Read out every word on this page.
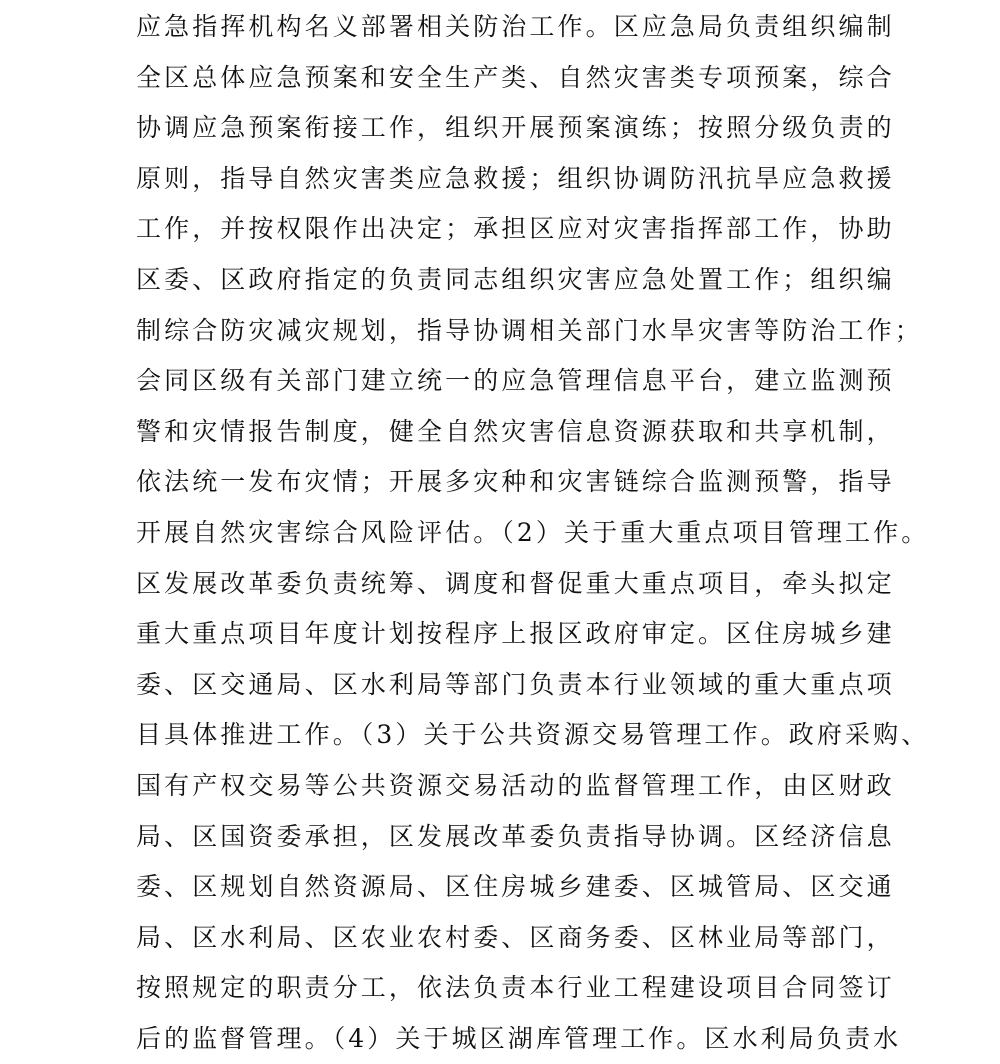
应急指挥机构名义部署相关防治工作。区应急局负责组织编制
全区总体应急预案和安全生产类、自然灾害类专项预案，综合
协调应急预案衔接工作，组织开展预案演练；按照分级负责的
原则，指导自然灾害类应急救援；组织协调防汛抗旱应急救援
工作，并按权限作出决定；承担区应对灾害指挥部工作，协助
区委、区政府指定的负责同志组织灾害应急处置工作；组织编
制综合防灾减灾规划，指导协调相关部门水旱灾害等防治工作；
会同区级有关部门建立统一的应急管理信息平台，建立监测预
警和灾情报告制度，健全自然灾害信息资源获取和共享机制，
依法统一发布灾情；开展多灾种和灾害链综合监测预警，指导
开展自然灾害综合风险评估。（2）关于重大重点项目管理工作。
区发展改革委负责统筹、调度和督促重大重点项目，牵头拟定
重大重点项目年度计划按程序上报区政府审定。区住房城乡建
委、区交通局、区水利局等部门负责本行业领域的重大重点项
目具体推进工作。（3）关于公共资源交易管理工作。政府采购、
国有产权交易等公共资源交易活动的监督管理工作，由区财政
局、区国资委承担，区发展改革委负责指导协调。区经济信息
委、区规划自然资源局、区住房城乡建委、区城管局、区交通
局、区水利局、区农业农村委、区商务委、区林业局等部门，
按照规定的职责分工，依法负责本行业工程建设项目合同签订
后的监督管理。（4）关于城区湖库管理工作。区水利局负责水
